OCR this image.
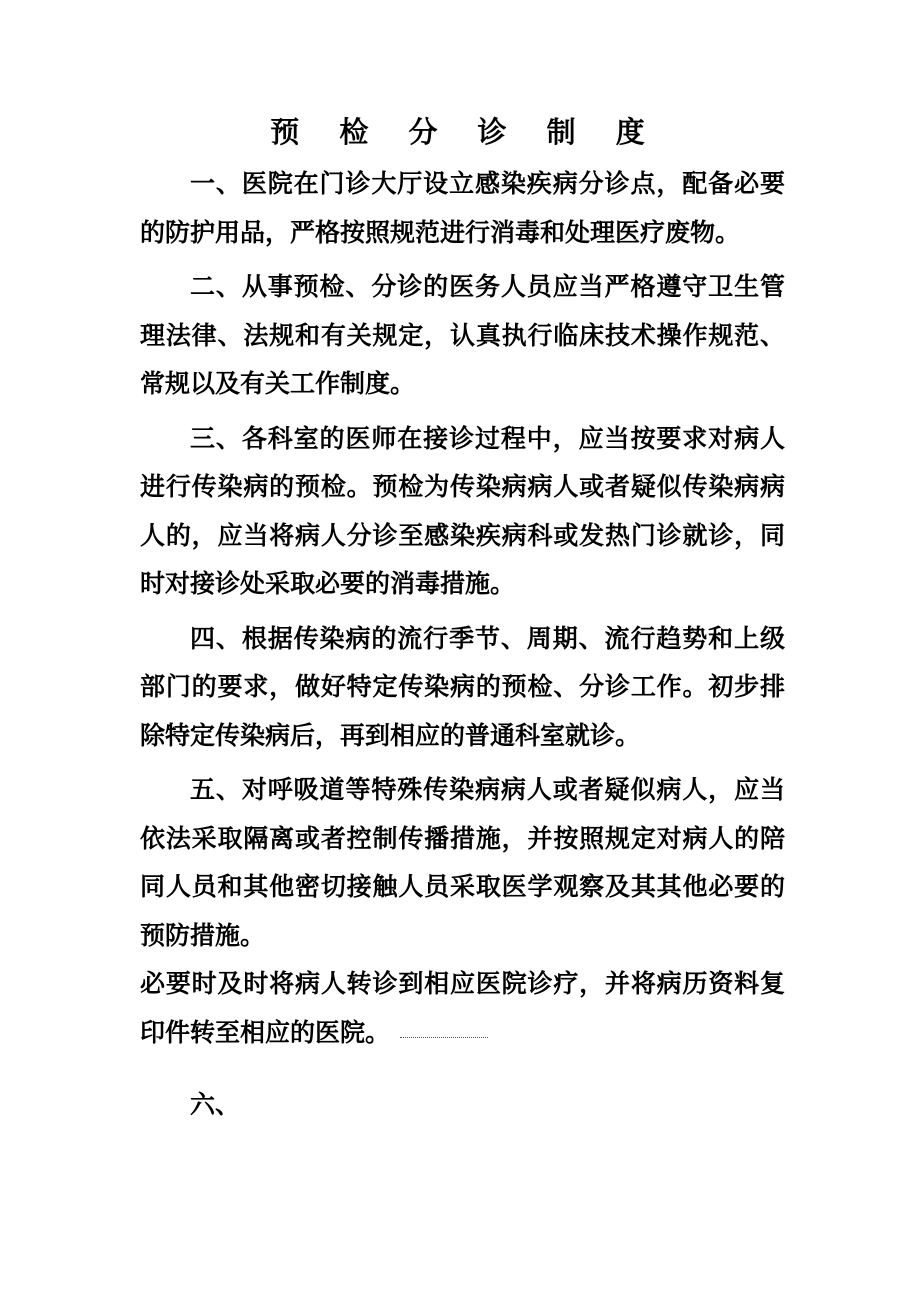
预 检 分 诊 制 度

一、医院在门诊大厅设立感染疾病分诊点，配备必要的防护用品，严格按照规范进行消毒和处理医疗废物。

二、从事预检、分诊的医务人员应当严格遵守卫生管理法律、法规和有关规定，认真执行临床技术操作规范、常规以及有关工作制度。

三、各科室的医师在接诊过程中，应当按要求对病人进行传染病的预检。预检为传染病病人或者疑似传染病病人的，应当将病人分诊至感染疾病科或发热门诊就诊，同时对接诊处采取必要的消毒措施。

四、根据传染病的流行季节、周期、流行趋势和上级部门的要求，做好特定传染病的预检、分诊工作。初步排除特定传染病后，再到相应的普通科室就诊。

五、对呼吸道等特殊传染病病人或者疑似病人，应当依法采取隔离或者控制传播措施，并按照规定对病人的陪同人员和其他密切接触人员采取医学观察及其其他必要的预防措施。

必要时及时将病人转诊到相应医院诊疗，并将病历资料复印件转至相应的医院。

六、
